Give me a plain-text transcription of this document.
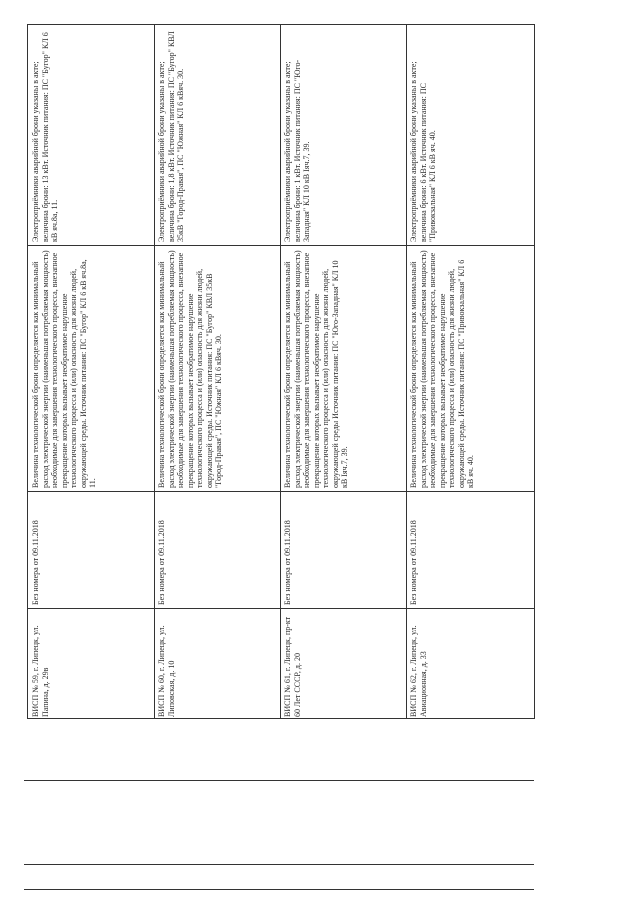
Электроприёмники аварийной брони указаны в акте; величина брони: 13 кВт. Источник питания: ПС "Бугор" КЛ 6 кВ яч.8а, 11.
Величина технологической брони определяется как минимальный расход электрической энергии (наименьшая потребляемая мощность) необходимые для завершения технологического процесса, внезапное прекращение которых вызывает необратимое нарушение технологического процесса и (или) опасность для жизни людей, окружающей среды. Источник питания: ПС "Бугор" КЛ 6 кВ яч.8а, 11.
Без номера от 09.11.2018
ВИСП № 59, г. Липецк, ул. Папина, д. 29в
Электроприёмники аварийной брони указаны в акте; величина брони: 1,8 кВт. Источник питания: ПС "Бугор" КВЛ 35кВ "Город-Правая", ПС "Южная" КЛ 6 кВяч. 30.
Величина технологической брони определяется как минимальный расход электрической энергии (наименьшая потребляемая мощность) необходимые для завершения технологического процесса, внезапное прекращение которых вызывает необратимое нарушение технологического процесса и (или) опасность для жизни людей, окружающей среды. Источник питания: ПС "Бугор" КВЛ 35кВ "Город-Правая", ПС "Южная" КЛ 6 кВяч. 30.
Без номера от 09.11.2018
ВИСП № 60, г. Липецк, ул. Липовская, д. 10
Электроприёмники аварийной брони указаны в акте; величина брони: 1 кВт. Источник питания: ПС "Юго-Западная" КЛ 10 кВ Iяч.7, 39.
Величина технологической брони определяется как минимальный расход электрической энергии (наименьшая потребляемая мощность) необходимые для завершения технологического процесса, внезапное прекращение которых вызывает необратимое нарушение технологического процесса и (или) опасность для жизни людей, окружающей среды Источник питания: ПС "Юго-Западная" КЛ 10 кВ Iяч.7, 39.
Без номера от 09.11.2018
ВИСП № 61, г. Липецк, пр-кт 60 Лет СССР, д. 20
Электроприёмники аварийной брони указаны в акте; величина брони: 6 кВт. Источник питания: ПС "Привокзальная" КЛ 6 кВ яч. 40.
Величина технологической брони определяется как минимальный расход электрической энергии (наименьшая потребляемая мощность) необходимые для завершения технологического процесса, внезапное прекращение которых вызывает необратимое нарушение технологического процесса и (или) опасность для жизни людей, окружающей среды. Источник питания: ПС "Привокзальная" КЛ 6 кВ яч. 40.
Без номера от 09.11.2018
ВИСП № 62, г. Липецк, ул. Авиационная, д. 33
